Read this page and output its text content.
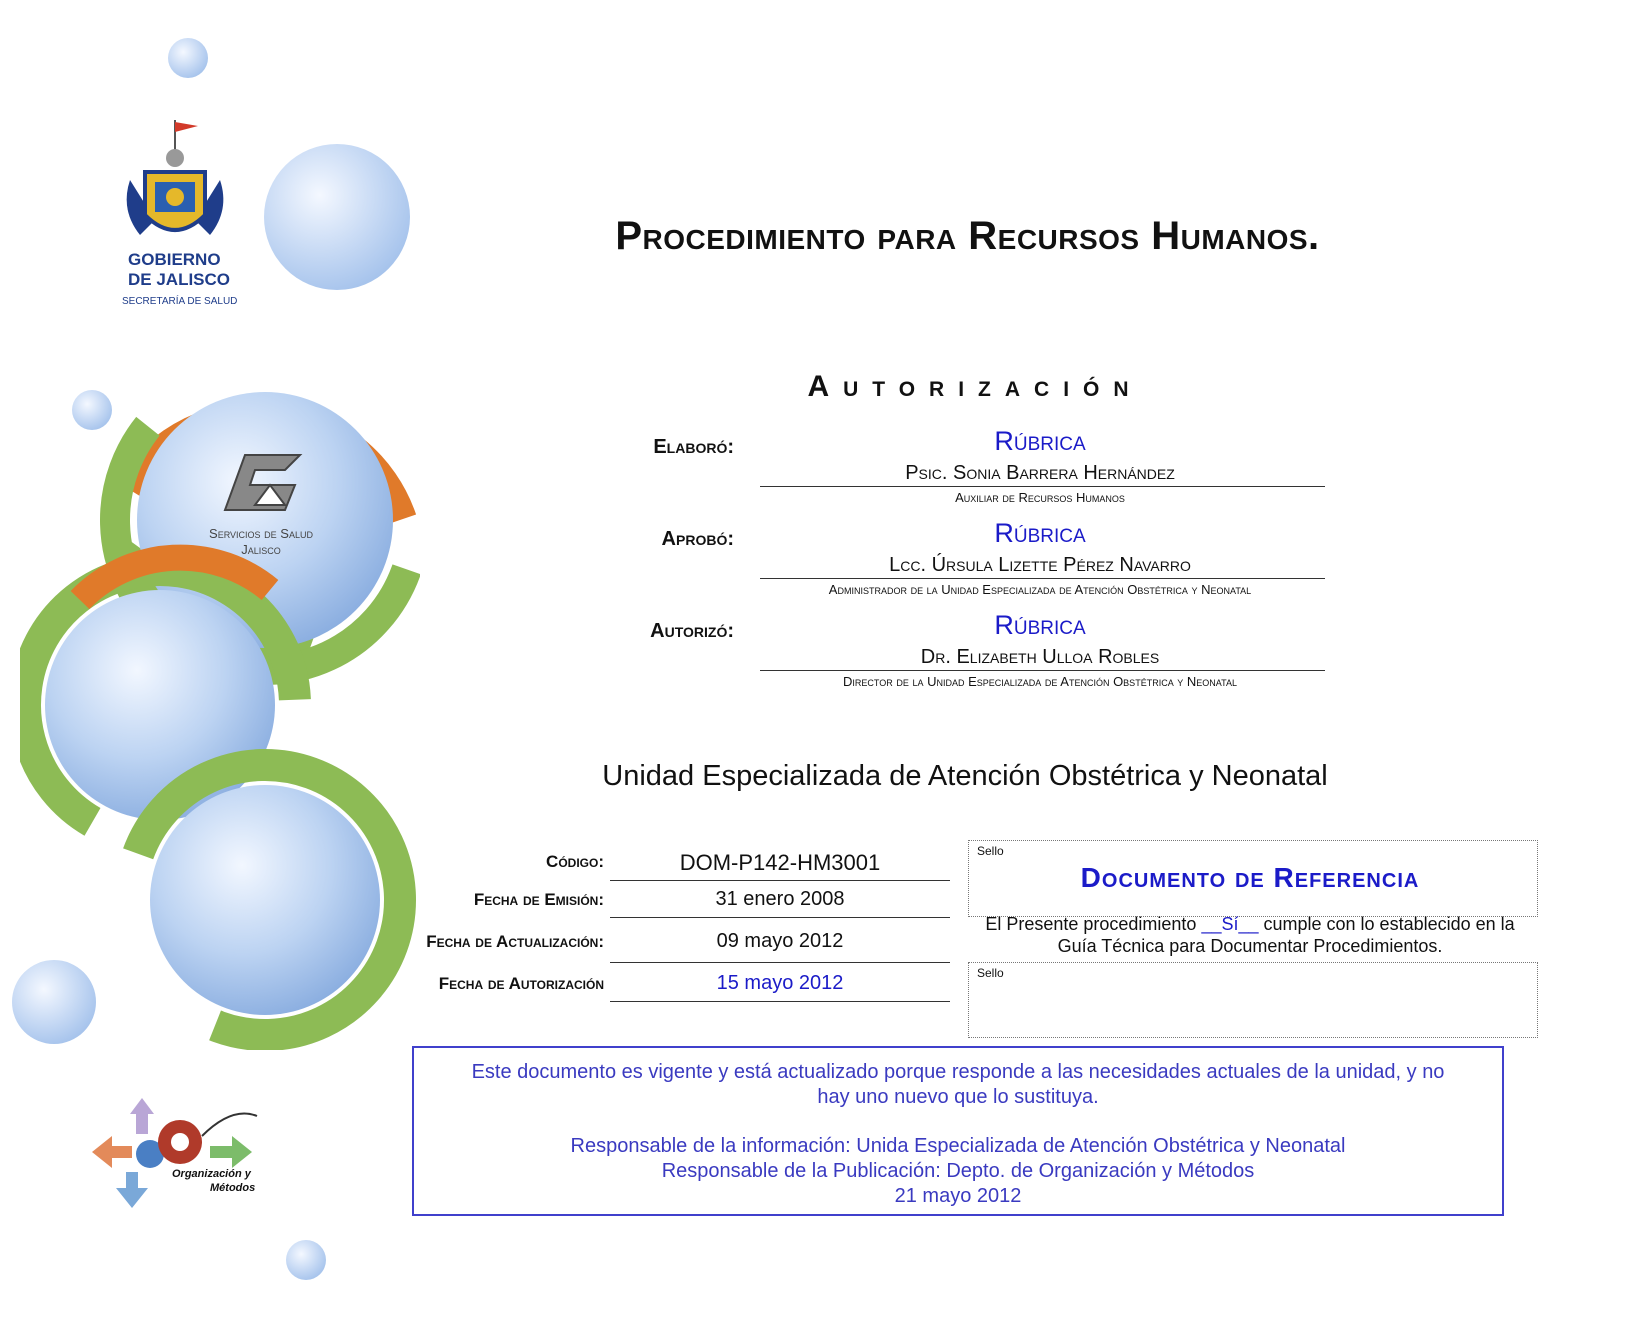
GOBIERNO
DE JALISCO
SECRETARÍA DE SALUD
Servicios de Salud
Jalisco
Organización y
Métodos
Procedimiento para Recursos Humanos.
Autorización
Elaboró:	Rúbrica
Psic. Sonia Barrera Hernández
Auxiliar de Recursos Humanos
Aprobó:	Rúbrica
Lcc. Úrsula Lizette Pérez Navarro
Administrador de la Unidad Especializada de Atención Obstétrica y Neonatal
Autorizó:	Rúbrica
Dr. Elizabeth Ulloa Robles
Director de la Unidad Especializada de Atención Obstétrica y Neonatal
Unidad Especializada de Atención Obstétrica y Neonatal
Código:	DOM-P142-HM3001
Fecha de Emisión:	31 enero 2008
Fecha de Actualización:	09 mayo 2012
Fecha de Autorización	15 mayo 2012
Sello
Documento de Referencia
El Presente procedimiento __Sí__ cumple con lo establecido en la
Guía Técnica para Documentar Procedimientos.
Sello

Este documento es vigente y está actualizado porque responde a las necesidades actuales de la unidad, y no

hay uno nuevo que lo sustituya.

Responsable de la información: Unida Especializada de Atención Obstétrica y Neonatal

Responsable de la Publicación: Depto. de Organización y Métodos

21 mayo 2012
